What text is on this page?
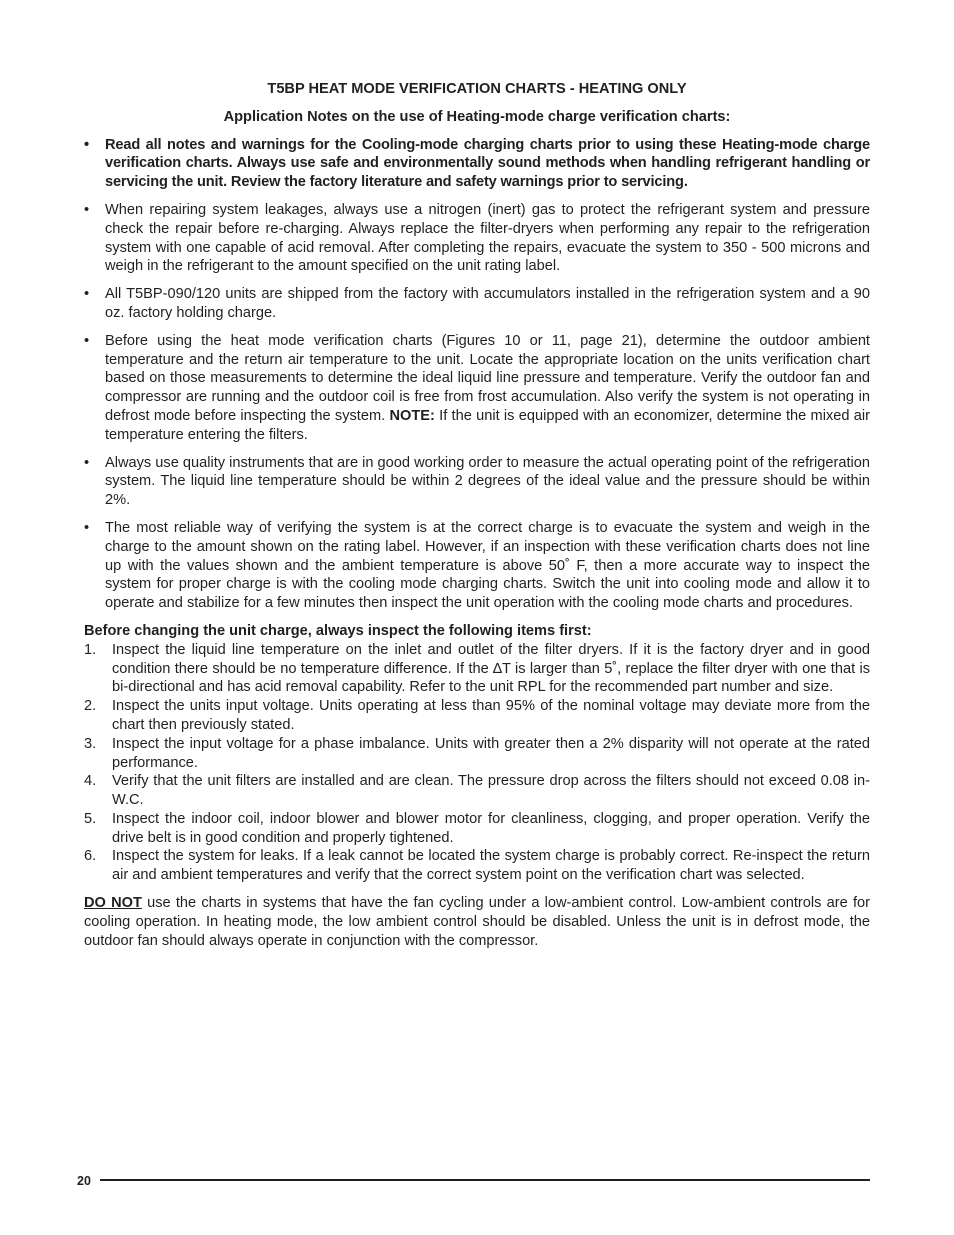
T5BP HEAT MODE VERIFICATION CHARTS - HEATING ONLY
Application Notes on the use of Heating-mode charge verification charts:
• Read all notes and warnings for the Cooling-mode charging charts prior to using these Heating-mode charge verification charts. Always use safe and environmentally sound methods when handling refrigerant handling or servicing the unit. Review the factory literature and safety warnings prior to servicing.
• When repairing system leakages, always use a nitrogen (inert) gas to protect the refrigerant system and pressure check the repair before re-charging. Always replace the filter-dryers when performing any repair to the refrigeration system with one capable of acid removal. After completing the repairs, evacuate the system to 350 - 500 microns and weigh in the refrigerant to the amount specified on the unit rating label.
• All T5BP-090/120 units are shipped from the factory with accumulators installed in the refrigeration system and a 90 oz. factory holding charge.
• Before using the heat mode verification charts (Figures 10 or 11, page 21), determine the outdoor ambient temperature and the return air temperature to the unit. Locate the appropriate location on the units verification chart based on those measurements to determine the ideal liquid line pressure and temperature. Verify the outdoor fan and compressor are running and the outdoor coil is free from frost accumulation. Also verify the system is not operating in defrost mode before inspecting the system. NOTE: If the unit is equipped with an economizer, determine the mixed air temperature entering the filters.
• Always use quality instruments that are in good working order to measure the actual operating point of the refrigeration system. The liquid line temperature should be within 2 degrees of the ideal value and the pressure should be within 2%.
• The most reliable way of verifying the system is at the correct charge is to evacuate the system and weigh in the charge to the amount shown on the rating label. However, if an inspection with these verification charts does not line up with the values shown and the ambient temperature is above 50˚ F, then a more accurate way to inspect the system for proper charge is with the cooling mode charging charts. Switch the unit into cooling mode and allow it to operate and stabilize for a few minutes then inspect the unit operation with the cooling mode charts and procedures.
Before changing the unit charge, always inspect the following items first:
1. Inspect the liquid line temperature on the inlet and outlet of the filter dryers. If it is the factory dryer and in good condition there should be no temperature difference. If the ∆T is larger than 5˚, replace the filter dryer with one that is bi-directional and has acid removal capability. Refer to the unit RPL for the recommended part number and size.
2. Inspect the units input voltage. Units operating at less than 95% of the nominal voltage may deviate more from the chart then previously stated.
3. Inspect the input voltage for a phase imbalance. Units with greater then a 2% disparity will not operate at the rated performance.
4. Verify that the unit filters are installed and are clean. The pressure drop across the filters should not exceed 0.08 in-W.C.
5. Inspect the indoor coil, indoor blower and blower motor for cleanliness, clogging, and proper operation. Verify the drive belt is in good condition and properly tightened.
6. Inspect the system for leaks. If a leak cannot be located the system charge is probably correct. Re-inspect the return air and ambient temperatures and verify that the correct system point on the verification chart was selected.

DO NOT use the charts in systems that have the fan cycling under a low-ambient control. Low-ambient controls are for cooling operation. In heating mode, the low ambient control should be disabled. Unless the unit is in defrost mode, the outdoor fan should always operate in conjunction with the compressor.

20
